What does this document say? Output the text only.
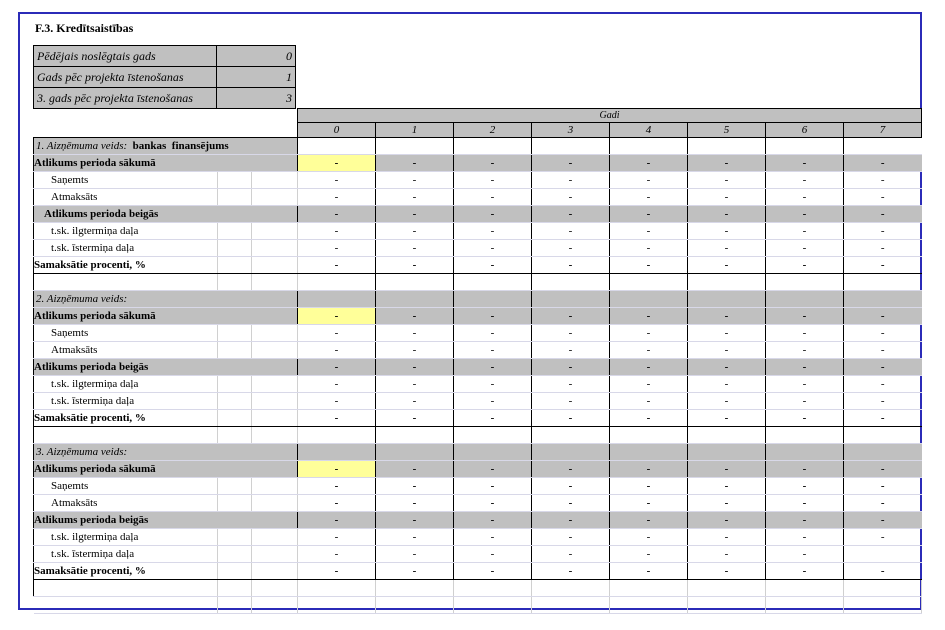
F.3. Kredītsaistības
Pēdējais noslēgtais gads	0
Gads pēc projekta īstenošanas	1
3. gads pēc projekta īstenošanas	3
			Gadi							
			0	1	2	3	4	5	6	7
1. Aizņēmuma veids:  bankas  finansējums										
Atlikums perioda sākumā			-	-	-	-	-	-	-	-
Saņemts			-	-	-	-	-	-	-	-
Atmaksāts			-	-	-	-	-	-	-	-
Atlikums perioda beigās			-	-	-	-	-	-	-	-
t.sk. ilgtermiņa daļa			-	-	-	-	-	-	-	-
t.sk. īstermiņa daļa			-	-	-	-	-	-	-	-
Samaksātie procenti, %			-	-	-	-	-	-	-	-

2. Aizņēmuma veids:										
Atlikums perioda sākumā			-	-	-	-	-	-	-	-
Saņemts			-	-	-	-	-	-	-	-
Atmaksāts			-	-	-	-	-	-	-	-
Atlikums perioda beigās			-	-	-	-	-	-	-	-
t.sk. ilgtermiņa daļa			-	-	-	-	-	-	-	-
t.sk. īstermiņa daļa			-	-	-	-	-	-	-	-
Samaksātie procenti, %			-	-	-	-	-	-	-	-

3. Aizņēmuma veids:										
Atlikums perioda sākumā			-	-	-	-	-	-	-	-
Saņemts			-	-	-	-	-	-	-	-
Atmaksāts			-	-	-	-	-	-	-	-
Atlikums perioda beigās			-	-	-	-	-	-	-	-
t.sk. ilgtermiņa daļa			-	-	-	-	-	-	-	-
t.sk. īstermiņa daļa			-	-	-	-	-	-	-	
Samaksātie procenti, %			-	-	-	-	-	-	-	-
